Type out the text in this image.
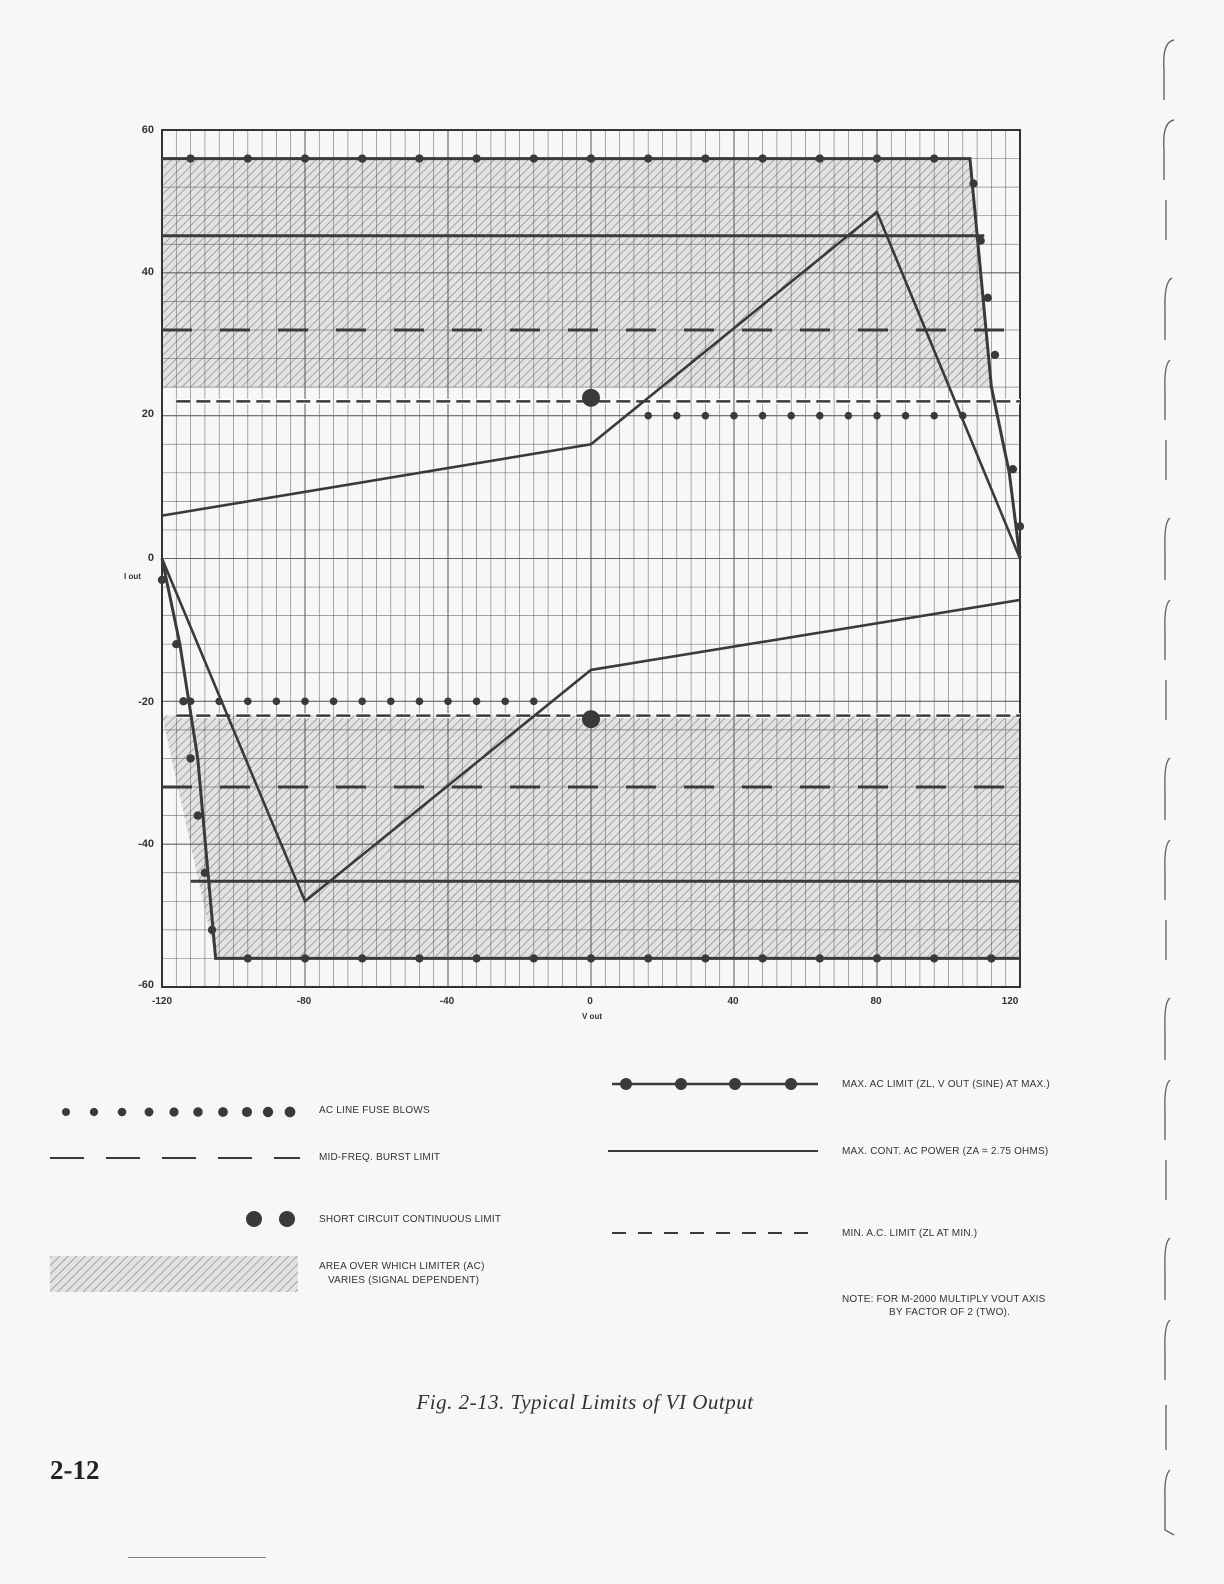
60
40
20
0
-20
-40
-60
I out
-120	-80	-40	0	40	80	120
V out
AC LINE FUSE BLOWS
MID-FREQ. BURST LIMIT
SHORT CIRCUIT CONTINUOUS LIMIT
AREA OVER WHICH LIMITER (AC)
VARIES (SIGNAL DEPENDENT)
MAX. AC LIMIT (ZL, V OUT (SINE) AT MAX.)
MAX. CONT. AC POWER (ZA = 2.75 OHMS)
MIN. A.C. LIMIT (ZL AT MIN.)
NOTE: FOR M-2000 MULTIPLY VOUT AXIS
BY FACTOR OF 2 (TWO).
Fig. 2-13. Typical Limits of VI Output
2-12
